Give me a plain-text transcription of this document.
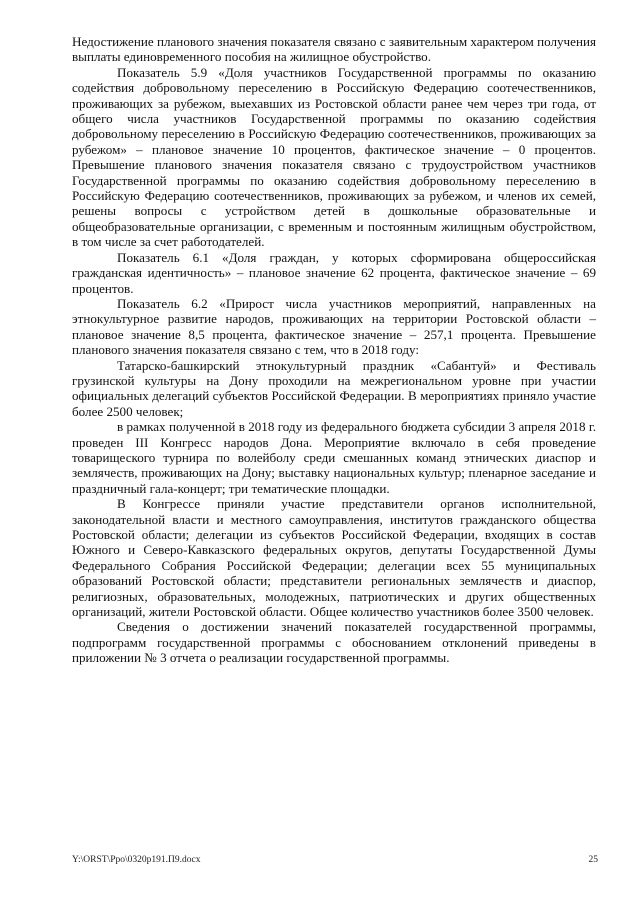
Недостижение планового значения показателя связано с заявительным характером получения выплаты единовременного пособия на жилищное обустройство.

Показатель 5.9 «Доля участников Государственной программы по оказанию содействия добровольному переселению в Российскую Федерацию соотечественников, проживающих за рубежом, выехавших из Ростовской области ранее чем через три года, от общего числа участников Государственной программы по оказанию содействия добровольному переселению в Российскую Федерацию соотечественников, проживающих за рубежом» – плановое значение 10 процентов, фактическое значение – 0 процентов. Превышение планового значения показателя связано с трудоустройством участников Государственной программы по оказанию содействия добровольному переселению в Российскую Федерацию соотечественников, проживающих за рубежом, и членов их семей, решены вопросы с устройством детей в дошкольные образовательные и общеобразовательные организации, с временным и постоянным жилищным обустройством, в том числе за счет работодателей.

Показатель 6.1 «Доля граждан, у которых сформирована общероссийская гражданская идентичность» – плановое значение 62 процента, фактическое значение – 69 процентов.

Показатель 6.2 «Прирост числа участников мероприятий, направленных на этнокультурное развитие народов, проживающих на территории Ростовской области – плановое значение 8,5 процента, фактическое значение – 257,1 процента. Превышение планового значения показателя связано с тем, что в 2018 году:

Татарско-башкирский этнокультурный праздник «Сабантуй» и Фестиваль грузинской культуры на Дону проходили на межрегиональном уровне при участии официальных делегаций субъектов Российской Федерации. В мероприятиях приняло участие более 2500 человек;

в рамках полученной в 2018 году из федерального бюджета субсидии 3 апреля 2018 г. проведен III Конгресс народов Дона. Мероприятие включало в себя проведение товарищеского турнира по волейболу среди смешанных команд этнических диаспор и землячеств, проживающих на Дону; выставку национальных культур; пленарное заседание и праздничный гала-концерт; три тематические площадки.

В Конгрессе приняли участие представители органов исполнительной, законодательной власти и местного самоуправления, институтов гражданского общества Ростовской области; делегации из субъектов Российской Федерации, входящих в состав Южного и Северо-Кавказского федеральных округов, депутаты Государственной Думы Федерального Собрания Российской Федерации; делегации всех 55 муниципальных образований Ростовской области; представители региональных землячеств и диаспор, религиозных, образовательных, молодежных, патриотических и других общественных организаций, жители Ростовской области. Общее количество участников более 3500 человек.

Сведения о достижении значений показателей государственной программы, подпрограмм государственной программы с обоснованием отклонений приведены в приложении № 3 отчета о реализации государственной программы.

Y:\ORST\Ppo\0320p191.П9.docx	25
